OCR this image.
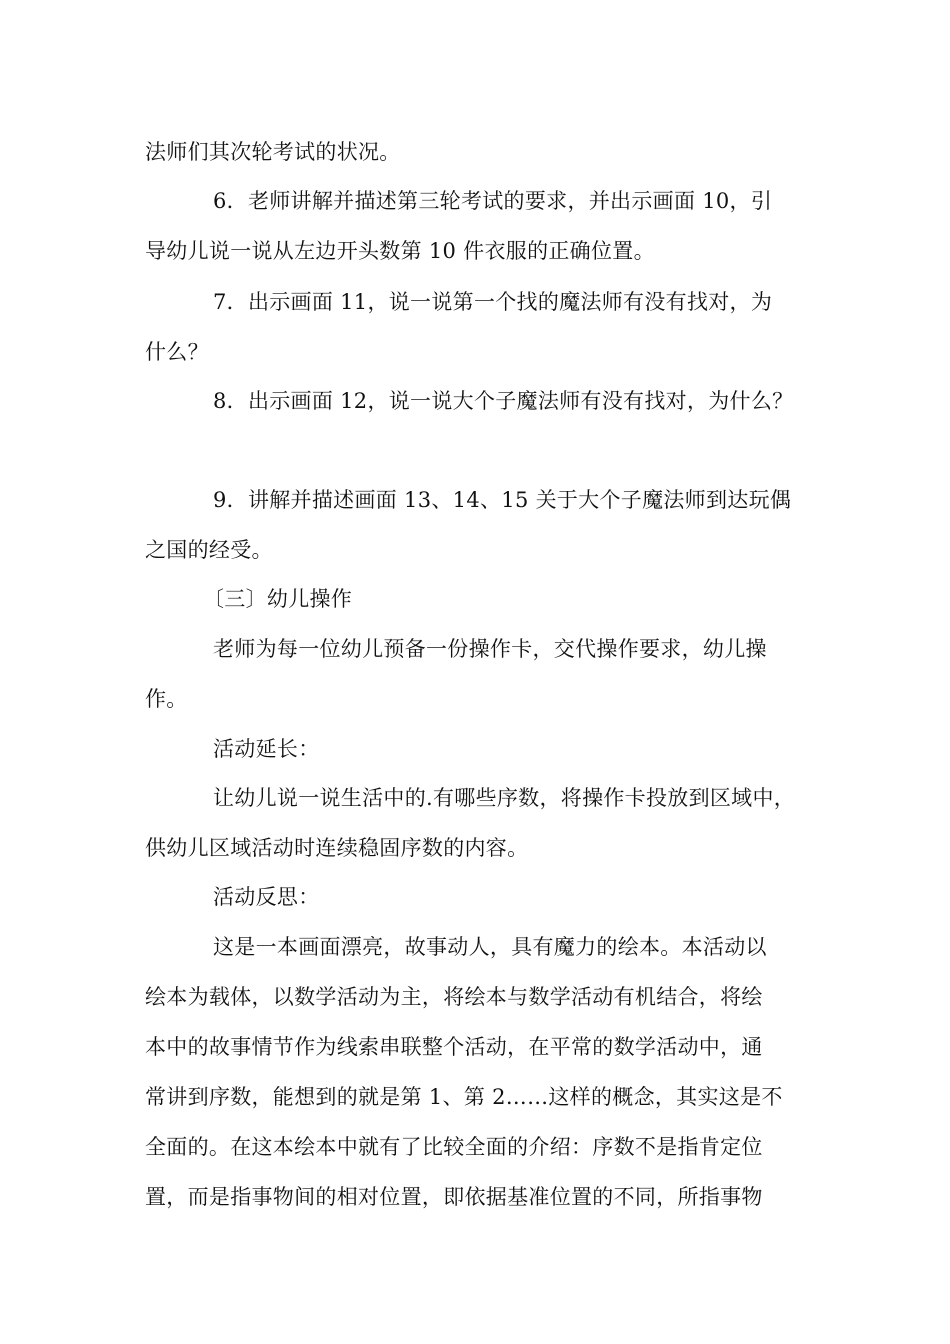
法师们其次轮考试的状况。
6．老师讲解并描述第三轮考试的要求，并出示画面 10，引
导幼儿说一说从左边开头数第 10 件衣服的正确位置。
7．出示画面 11，说一说第一个找的魔法师有没有找对，为
什么？
8．出示画面 12，说一说大个子魔法师有没有找对，为什么？
9．讲解并描述画面 13、14、15 关于大个子魔法师到达玩偶
之国的经受。
〔三〕幼儿操作
老师为每一位幼儿预备一份操作卡，交代操作要求，幼儿操
作。
活动延长：
让幼儿说一说生活中的.有哪些序数，将操作卡投放到区域中，
供幼儿区域活动时连续稳固序数的内容。
活动反思：
这是一本画面漂亮，故事动人，具有魔力的绘本。本活动以
绘本为载体，以数学活动为主，将绘本与数学活动有机结合，将绘
本中的故事情节作为线索串联整个活动，在平常的数学活动中，通
常讲到序数，能想到的就是第 1、第 2……这样的概念，其实这是不
全面的。在这本绘本中就有了比较全面的介绍：序数不是指肯定位
置，而是指事物间的相对位置，即依据基准位置的不同，所指事物
